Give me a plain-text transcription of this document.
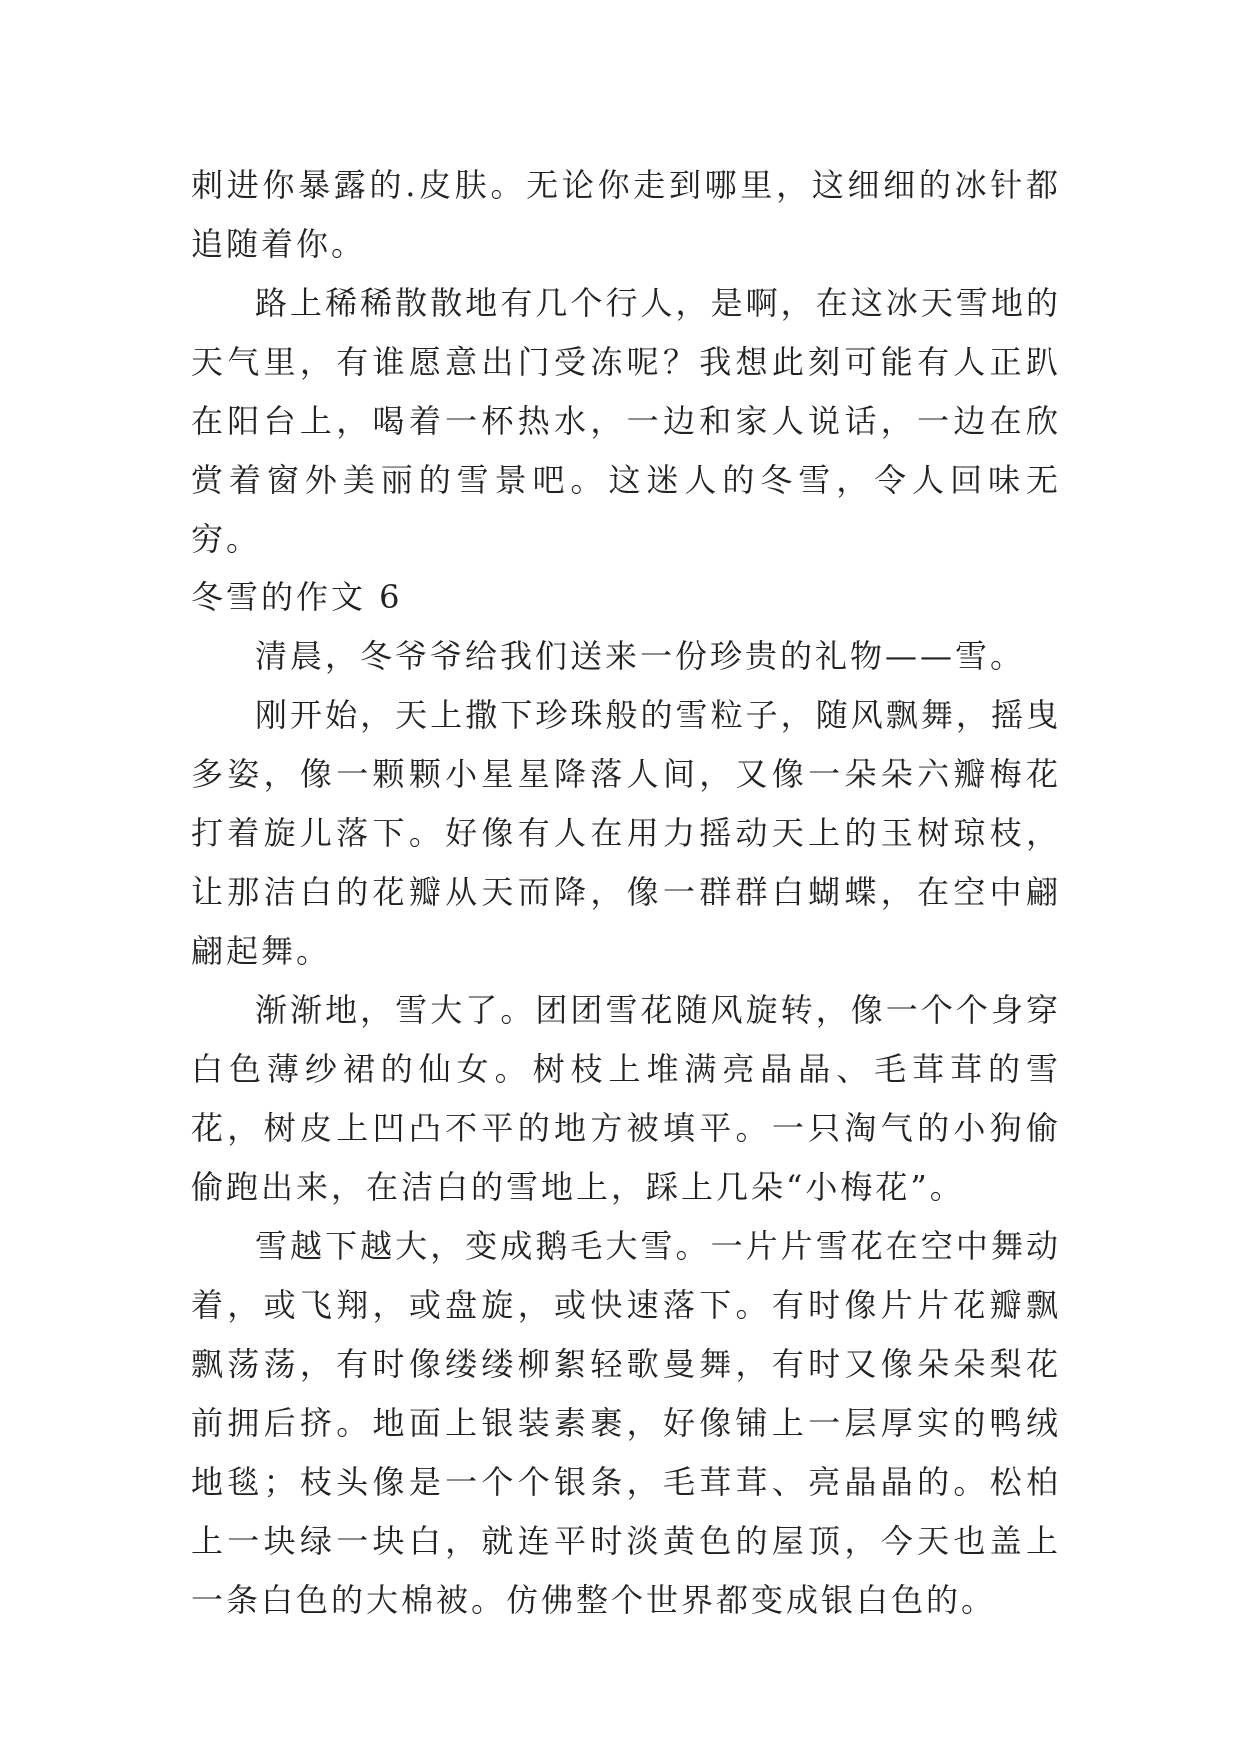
刺进你暴露的.皮肤。无论你走到哪里，这细细的冰针都追随着你。

路上稀稀散散地有几个行人，是啊，在这冰天雪地的天气里，有谁愿意出门受冻呢？我想此刻可能有人正趴在阳台上，喝着一杯热水，一边和家人说话，一边在欣赏着窗外美丽的雪景吧。这迷人的冬雪，令人回味无穷。

冬雪的作文 6

清晨，冬爷爷给我们送来一份珍贵的礼物——雪。

刚开始，天上撒下珍珠般的雪粒子，随风飘舞，摇曳多姿，像一颗颗小星星降落人间，又像一朵朵六瓣梅花打着旋儿落下。好像有人在用力摇动天上的玉树琼枝，让那洁白的花瓣从天而降，像一群群白蝴蝶，在空中翩翩起舞。

渐渐地，雪大了。团团雪花随风旋转，像一个个身穿白色薄纱裙的仙女。树枝上堆满亮晶晶、毛茸茸的雪花，树皮上凹凸不平的地方被填平。一只淘气的小狗偷偷跑出来，在洁白的雪地上，踩上几朵“小梅花”。

雪越下越大，变成鹅毛大雪。一片片雪花在空中舞动着，或飞翔，或盘旋，或快速落下。有时像片片花瓣飘飘荡荡，有时像缕缕柳絮轻歌曼舞，有时又像朵朵梨花前拥后挤。地面上银装素裹，好像铺上一层厚实的鸭绒地毯；枝头像是一个个银条，毛茸茸、亮晶晶的。松柏上一块绿一块白，就连平时淡黄色的屋顶，今天也盖上一条白色的大棉被。仿佛整个世界都变成银白色的。
